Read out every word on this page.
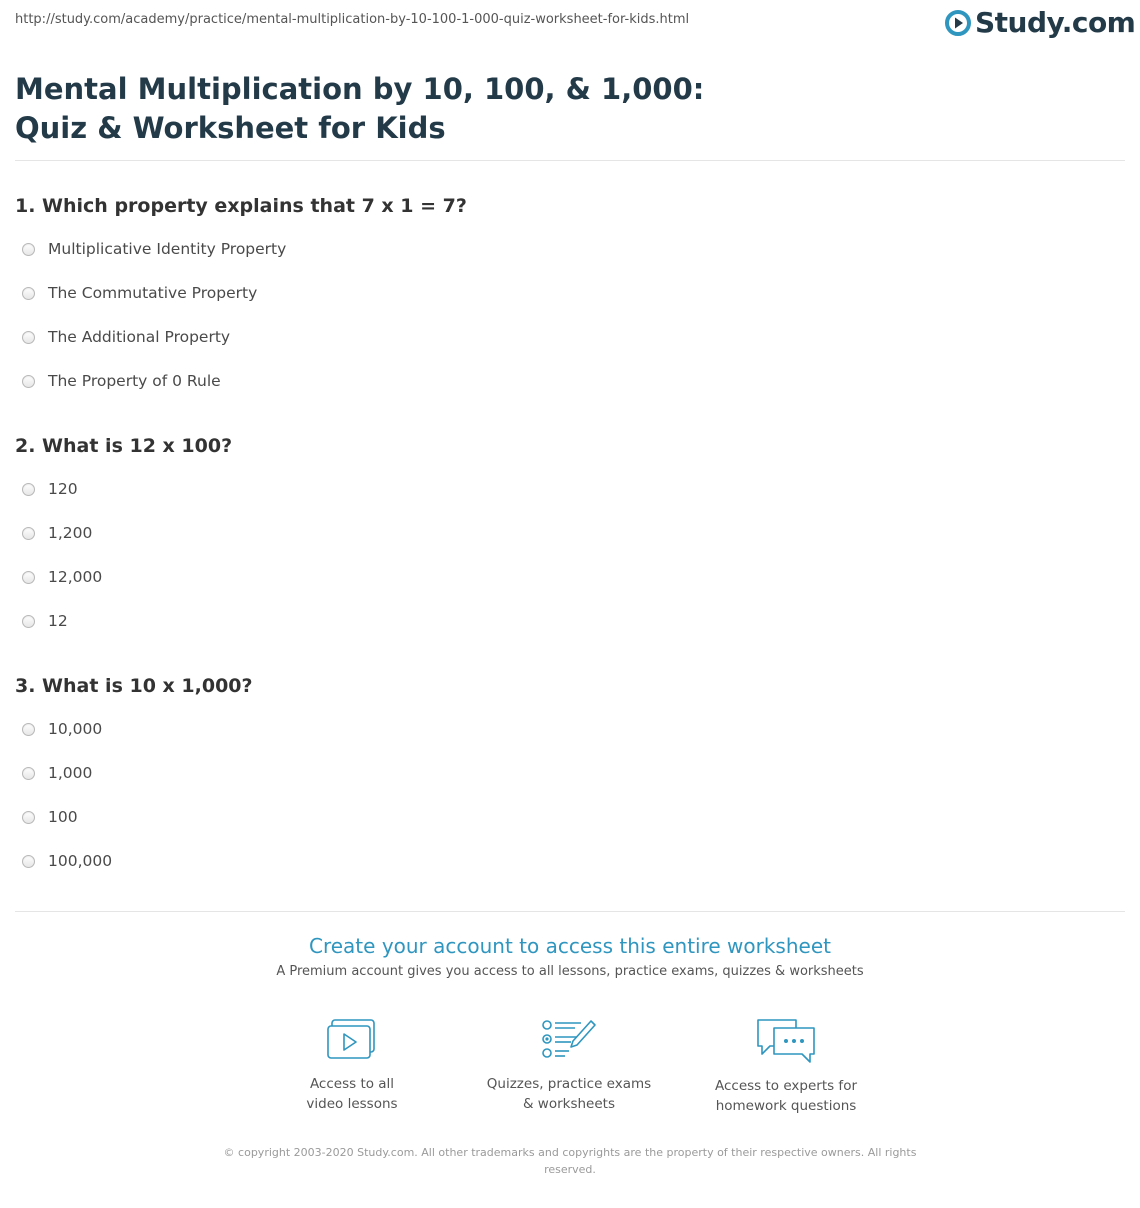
http://study.com/academy/practice/mental-multiplication-by-10-100-1-000-quiz-worksheet-for-kids.html	Study.com
Mental Multiplication by 10, 100, & 1,000: Quiz & Worksheet for Kids
1. Which property explains that 7 x 1 = 7?
Multiplicative Identity Property
The Commutative Property
The Additional Property
The Property of 0 Rule
2. What is 12 x 100?
120
1,200
12,000
12
3. What is 10 x 1,000?
10,000
1,000
100
100,000
Create your account to access this entire worksheet

A Premium account gives you access to all lessons, practice exams, quizzes & worksheets

Access to all
video lessons
Quizzes, practice exams
& worksheets
Access to experts for
homework questions
© copyright 2003-2020 Study.com. All other trademarks and copyrights are the property of their respective owners. All rights reserved.
